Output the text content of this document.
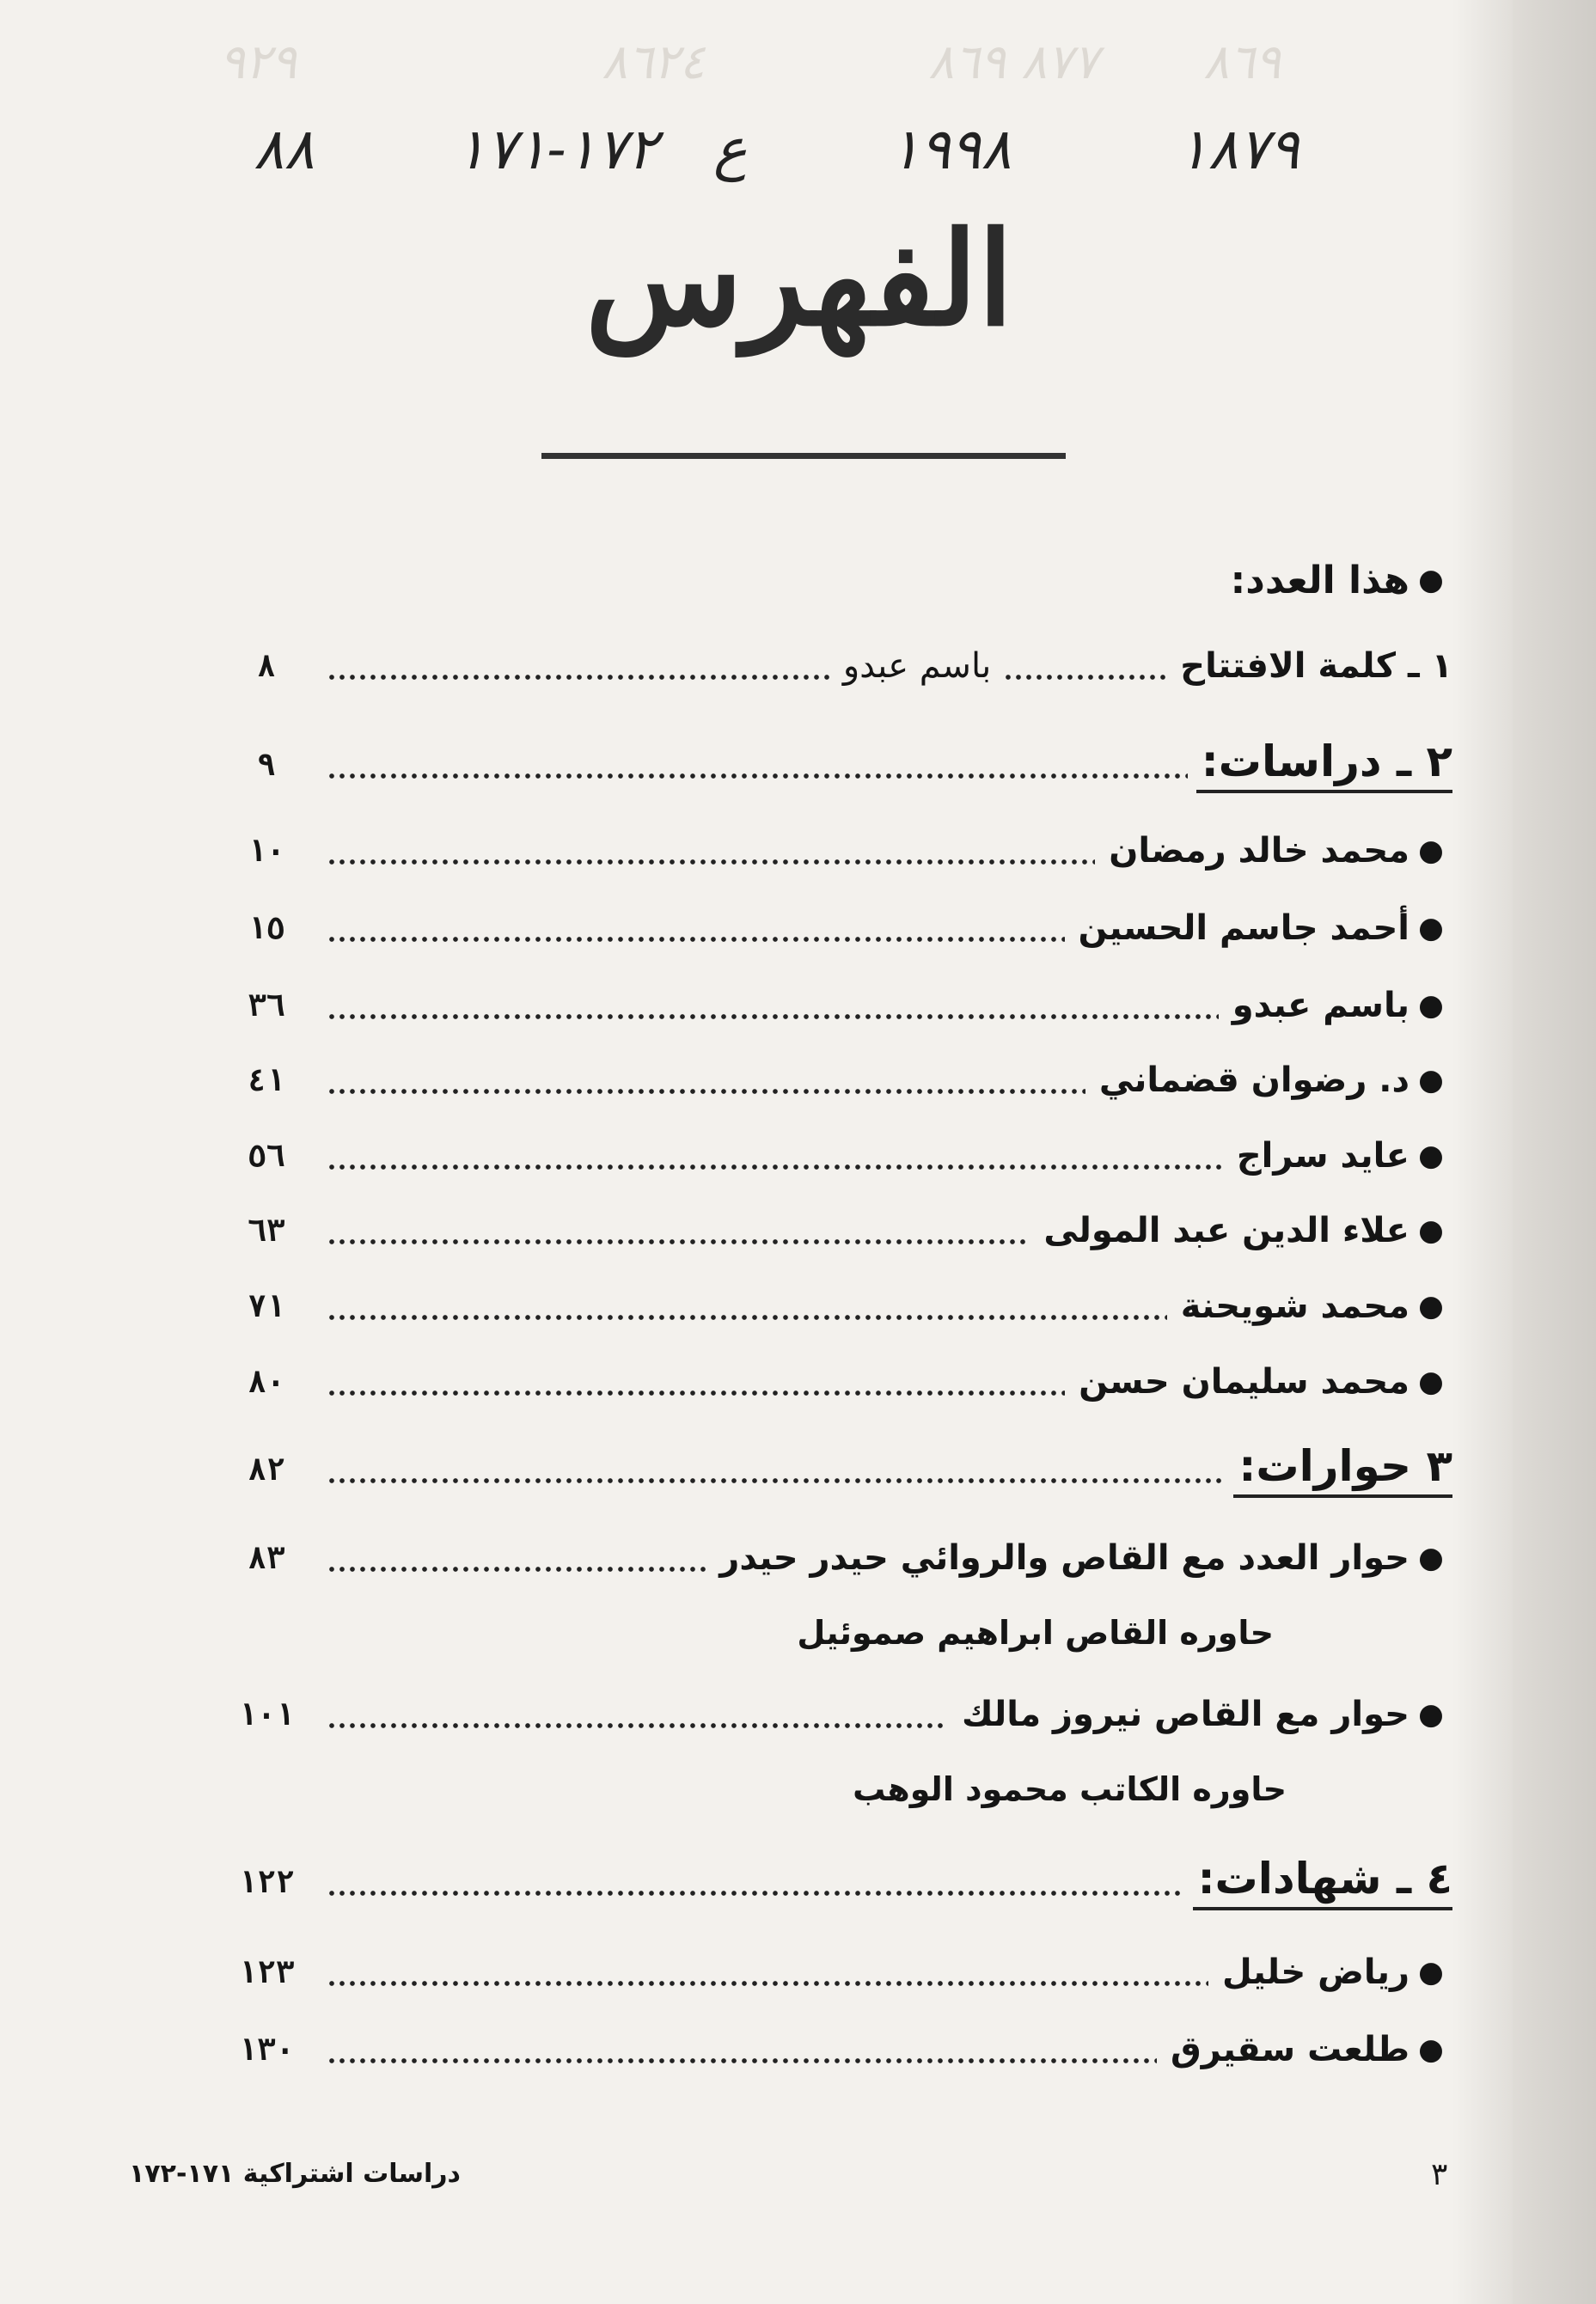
٨٦٩
٨٧٧ ٨٦٩
٨٦٢٤
٩٢٩
١٨٧٩
١٩٩٨
ع
١٧٢-١٧١
٨٨
الفهرس
●
هذا العدد:
١ ـ كلمة الافتتاح
باسم عبدو
٨
٢ ـ دراسات:
٩
●
محمد خالد رمضان
١٠
●
أحمد جاسم الحسين
١٥
●
باسم عبدو
٣٦
●
د. رضوان قضماني
٤١
●
عايد سراج
٥٦
●
علاء الدين عبد المولى
٦٣
●
محمد شويحنة
٧١
●
محمد سليمان حسن
٨٠
٣ حوارات:
٨٢
●
حوار العدد مع القاص والروائي حيدر حيدر
٨٣
حاوره القاص ابراهيم صموئيل
●
حوار مع القاص نيروز مالك
١٠١
حاوره الكاتب محمود الوهب
٤ ـ شهادات:
١٢٢
●
رياض خليل
١٢٣
●
طلعت سقيرق
١٣٠
٣
دراسات اشتراكية ١٧١-١٧٢
